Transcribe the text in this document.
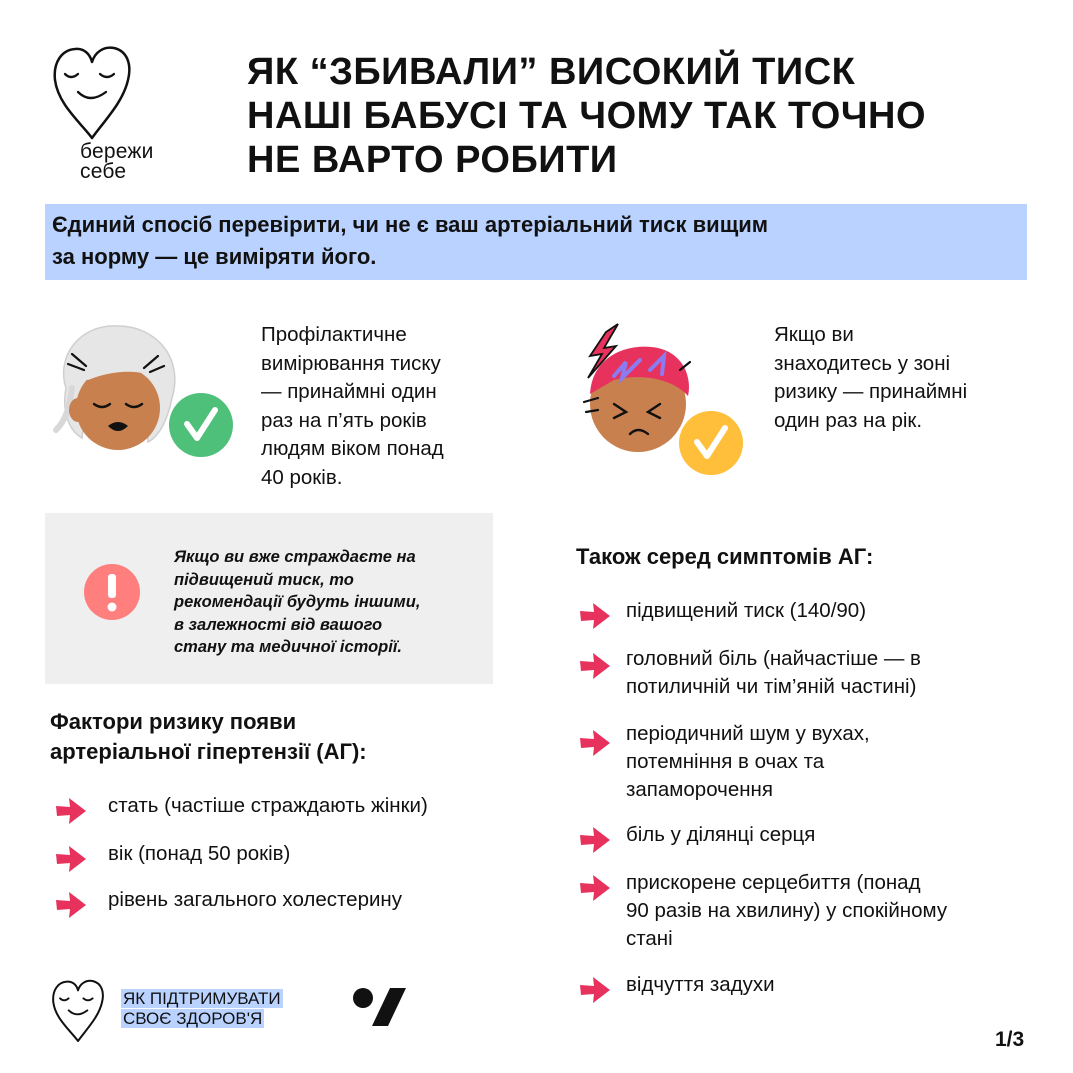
бережи
себе
ЯК “ЗБИВАЛИ” ВИСОКИЙ ТИСК
НАШІ БАБУСІ ТА ЧОМУ ТАК ТОЧНО
НЕ ВАРТО РОБИТИ
Єдиний спосіб перевірити, чи не є ваш артеріальний тиск вищим
за норму — це виміряти його.
Профілактичне
вимірювання тиску
— принаймні один
раз на п’ять років
людям віком понад
40 років.
Якщо ви
знаходитесь у зоні
ризику — принаймні
один раз на рік.
Якщо ви вже страждаєте на
підвищений тиск, то
рекомендації будуть іншими,
в залежності від вашого
стану та медичної історії.
Фактори ризику появи
артеріальної гіпертензії (АГ):
стать (частіше страждають жінки)
вік (понад 50 років)
рівень загального холестерину
Також серед симптомів АГ:
підвищений тиск (140/90)
головний біль (найчастіше — в
потиличній чи тім’яній частині)
періодичний шум у вухах,
потемніння в очах та
запаморочення
біль у ділянці серця
прискорене серцебиття (понад
90 разів на хвилину) у спокійному
стані
відчуття задухи
ЯК ПІДТРИМУВАТИ
СВОЄ ЗДОРОВ'Я
1/3
